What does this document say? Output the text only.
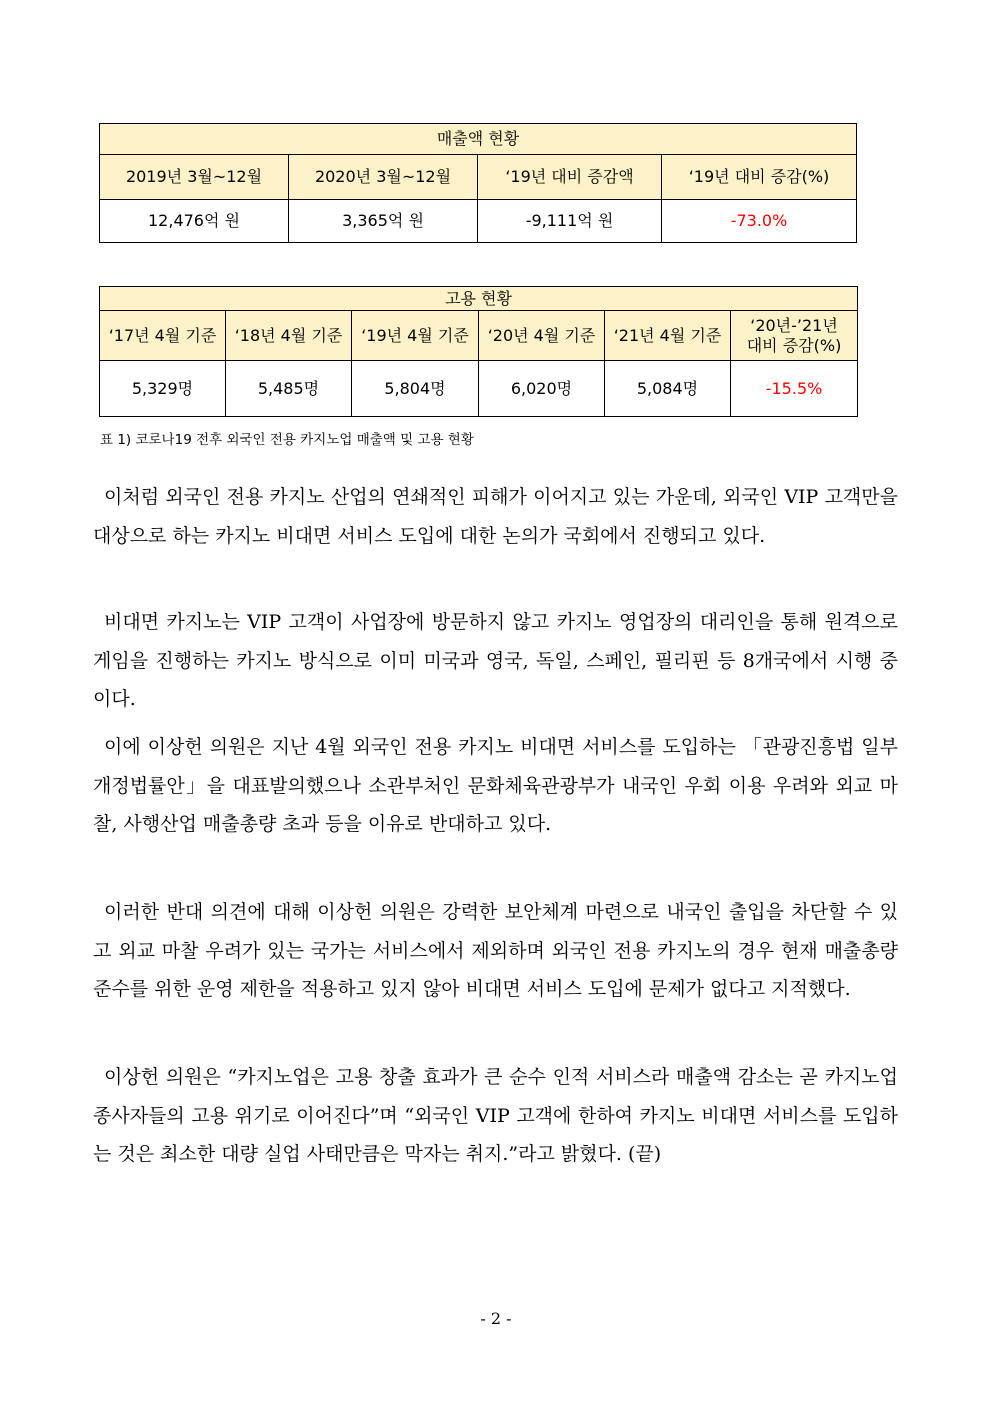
매출액 현황			
2019년 3월~12월	2020년 3월~12월	‘19년 대비 증감액	‘19년 대비 증감(%)
12,476억 원	3,365억 원	-9,111억 원	-73.0%
고용 현황					
‘17년 4월 기준	‘18년 4월 기준	‘19년 4월 기준	‘20년 4월 기준	‘21년 4월 기준	‘20년-’21년
대비 증감(%)

5,329명	5,485명	5,804명	6,020명	5,084명	-15.5%
표 1) 코로나19 전후 외국인 전용 카지노업 매출액 및 고용 현황

이처럼 외국인 전용 카지노 산업의 연쇄적인 피해가 이어지고 있는 가운데, 외국인 VIP 고객만을 대상으로 하는 카지노 비대면 서비스 도입에 대한 논의가 국회에서 진행되고 있다.

비대면 카지노는 VIP 고객이 사업장에 방문하지 않고 카지노 영업장의 대리인을 통해 원격으로 게임을 진행하는 카지노 방식으로 이미 미국과 영국, 독일, 스페인, 필리핀 등 8개국에서 시행 중이다.

이에 이상헌 의원은 지난 4월 외국인 전용 카지노 비대면 서비스를 도입하는 「관광진흥법 일부개정법률안」을 대표발의했으나 소관부처인 문화체육관광부가 내국인 우회 이용 우려와 외교 마찰, 사행산업 매출총량 초과 등을 이유로 반대하고 있다.

이러한 반대 의견에 대해 이상헌 의원은 강력한 보안체계 마련으로 내국인 출입을 차단할 수 있고 외교 마찰 우려가 있는 국가는 서비스에서 제외하며 외국인 전용 카지노의 경우 현재 매출총량 준수를 위한 운영 제한을 적용하고 있지 않아 비대면 서비스 도입에 문제가 없다고 지적했다.

이상헌 의원은 “카지노업은 고용 창출 효과가 큰 순수 인적 서비스라 매출액 감소는 곧 카지노업 종사자들의 고용 위기로 이어진다”며 “외국인 VIP 고객에 한하여 카지노 비대면 서비스를 도입하는 것은 최소한 대량 실업 사태만큼은 막자는 취지.”라고 밝혔다. (끝)

- 2 -
